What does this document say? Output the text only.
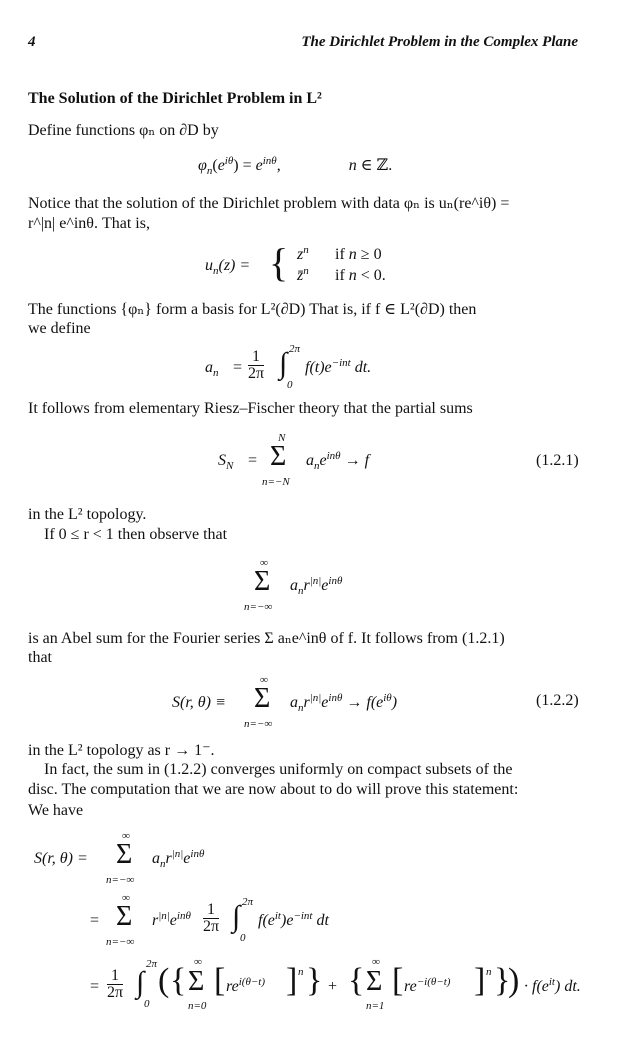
4	The Dirichlet Problem in the Complex Plane
The Solution of the Dirichlet Problem in L²
Define functions φₙ on ∂D by
$\varphi_n(e^{i\theta}) = e^{in\theta}$,	n ∈ ℤ.
Notice that the solution of the Dirichlet problem with data φₙ is uₙ(re^iθ) =
r^|n| e^inθ. That is,
$u_n(z)$ = { $z^n$ if n ≥ 0
z̄$^n$ if n < 0.
The functions {φₙ} form a basis for L²(∂D) That is, if f ∈ L²(∂D) then
we define
$a_n = \frac{1}{2\pi}$ ∫ 2π
0
$f(t)e^{-int}$ dt.
It follows from elementary Riesz–Fischer theory that the partial sums
$S_N$ =
N
Σ
n=−N
$a_ne^{in\theta} \to f$	(1.2.1)
in the L² topology.
If 0 ≤ r < 1 then observe that
∞
Σ
n=−∞
$a_nr^{|n|}e^{in\theta}$
is an Abel sum for the Fourier series Σ aₙe^inθ of f. It follows from (1.2.1)
that
S(r, θ) ≡
∞
Σ
n=−∞
$a_nr^{|n|}e^{in\theta} \to f(e^{i\theta})$	(1.2.2)
in the L² topology as r → 1⁻.
In fact, the sum in (1.2.2) converges uniformly on compact subsets of the
disc. The computation that we are now about to do will prove this statement:
We have
S(r, θ) =
∞
Σ
n=−∞
$a_nr^{|n|}e^{in\theta}$
=
∞
Σ
n=−∞
$r^{|n|}e^{in\theta} \frac{1}{2\pi}$ ∫ 2π
0
$f(e^{it})e^{-int}$ dt
= $\frac{1}{2\pi}$ ∫
2π
0
( { ∞
Σ
n=0
[ $re^{i(\theta-t)}$ ] n } + { ∞
Σ
n=1
[ $re^{-i(\theta-t)}$ ] n }
) · $f(e^{it})$ dt.
